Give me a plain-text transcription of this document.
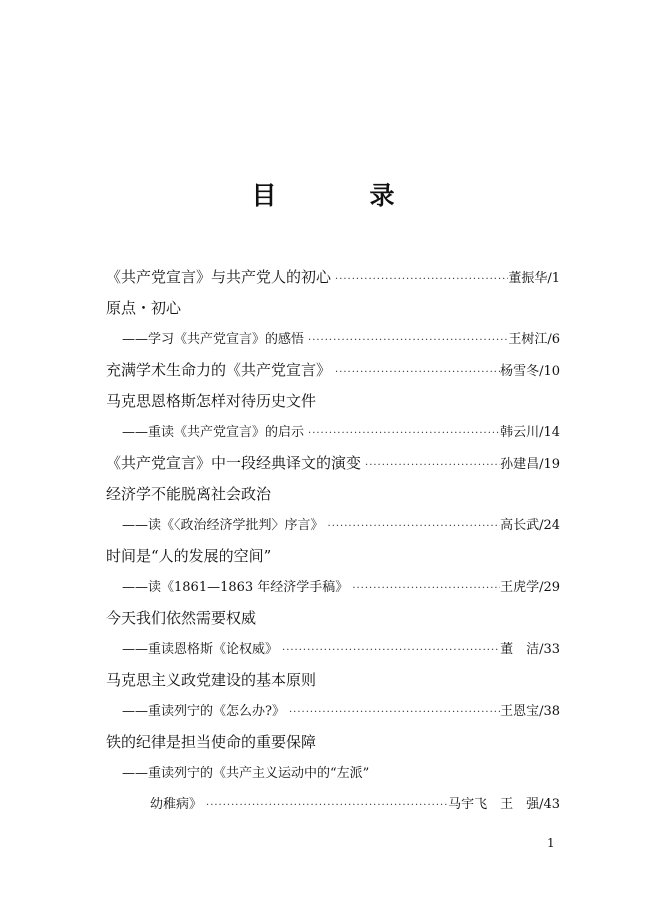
目　录
《共产党宣言》与共产党人的初心 ·····	董振华/1
原点・初心
——学习《共产党宣言》的感悟 ·····	王树江/6
充满学术生命力的《共产党宣言》 ·····	杨雪冬/10
马克思恩格斯怎样对待历史文件
——重读《共产党宣言》的启示 ·····	韩云川/14
《共产党宣言》中一段经典译文的演变 ·····	孙建昌/19
经济学不能脱离社会政治
——读《〈政治经济学批判〉序言》 ·····	高长武/24
时间是“人的发展的空间”
——读《1861—1863 年经济学手稿》 ·····	王虎学/29
今天我们依然需要权威
——重读恩格斯《论权威》 ·····	董　洁/33
马克思主义政党建设的基本原则
——重读列宁的《怎么办?》 ·····	王恩宝/38
铁的纪律是担当使命的重要保障
——重读列宁的《共产主义运动中的“左派”
幼稚病》 ·····	马宇飞　王　强/43
1
